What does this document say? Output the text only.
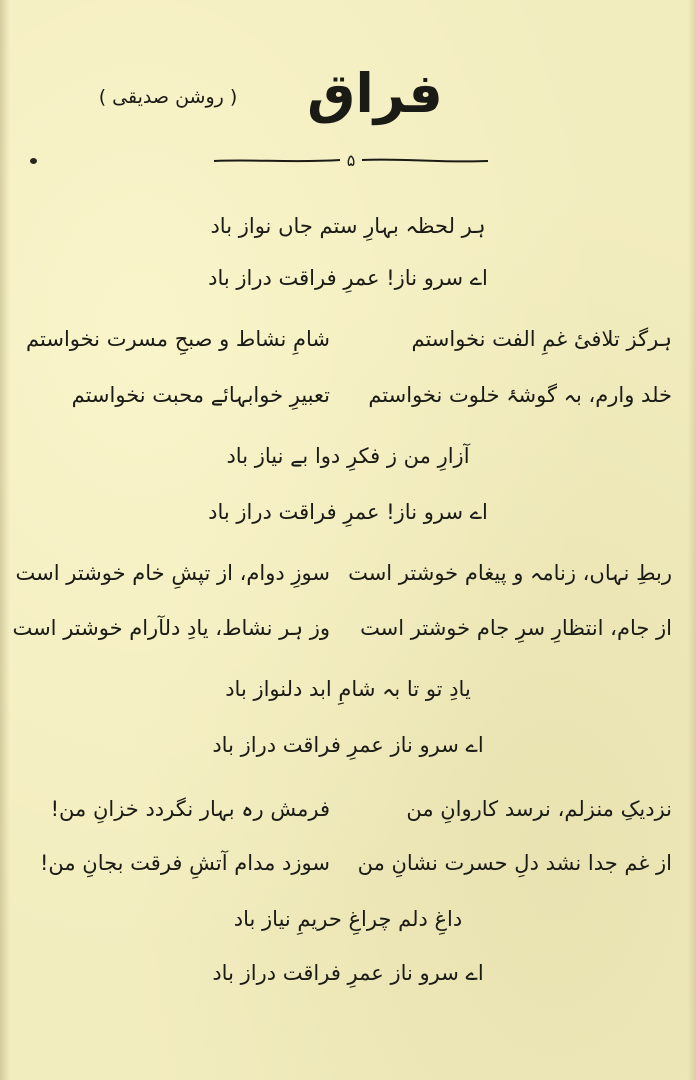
فراق
( روشن صدیقی )
۵
ہر لحظہ بہارِ ستم جاں نواز باد
اے سرو ناز! عمرِ فراقت دراز باد
ہرگز تلافیٔ غمِ الفت نخواستم
شامِ نشاط و صبحِ مسرت نخواستم
خلد وارم، بہ گوشۂ خلوت نخواستم
تعبیرِ خوابہائے محبت نخواستم
آزارِ من ز فکرِ دوا بے نیاز باد
اے سرو ناز! عمرِ فراقت دراز باد
ربطِ نہاں، زنامہ و پیغام خوشتر است
سوزِ دوام، از تپشِ خام خوشتر است
از جام، انتظارِ سرِ جام خوشتر است
وز ہر نشاط، یادِ دلآرام خوشتر است
یادِ تو تا بہ شامِ ابد دلنواز باد
اے سرو ناز عمرِ فراقت دراز باد
نزدیکِ منزلم، نرسد کاروانِ من
فرمش رہ بہار نگردد خزانِ من!
از غم جدا نشد دلِ حسرت نشانِ من
سوزد مدام آتشِ فرقت بجانِ من!
داغِ دلم چراغِ حریمِ نیاز باد
اے سرو ناز عمرِ فراقت دراز باد
